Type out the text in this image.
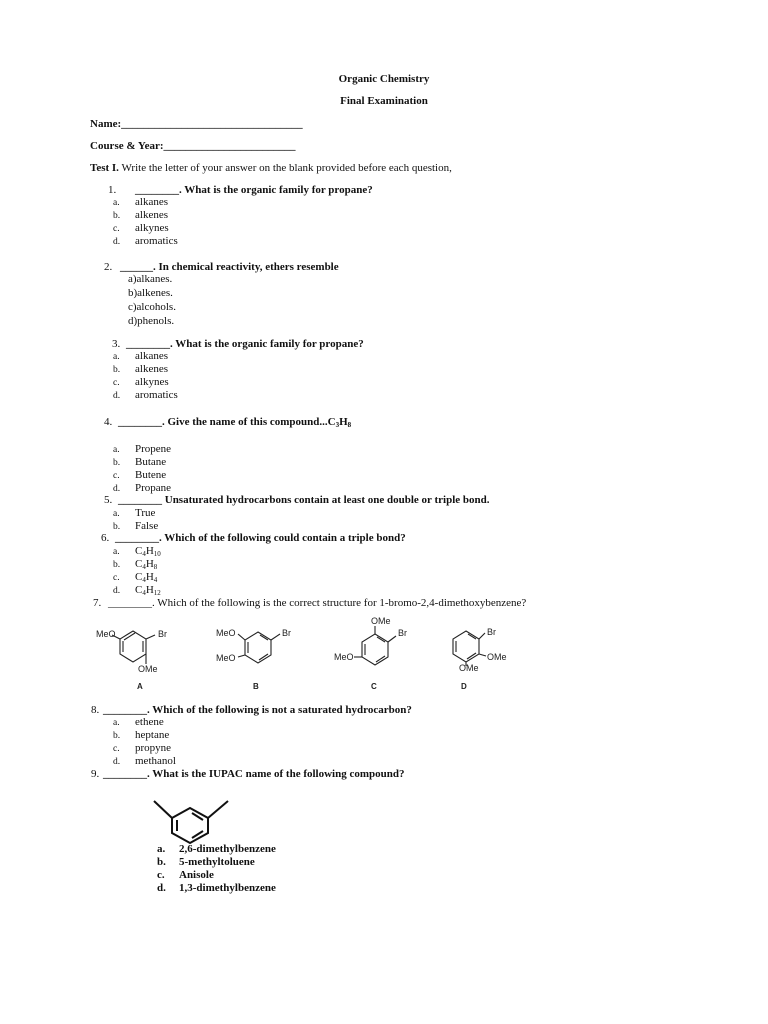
Organic Chemistry
Final Examination
Name:_________________________________
Course & Year:________________________
Test I. Write the letter of your answer on the blank provided before each question,
1. ________. What is the organic family for propane?
a. alkanes
b. alkenes
c. alkynes
d. aromatics
2. ______. In chemical reactivity, ethers resemble
a)alkanes.
b)alkenes.
c)alcohols.
d)phenols.
3. ________. What is the organic family for propane?
a. alkanes
b. alkenes
c. alkynes
d. aromatics
4. ________. Give the name of this $compound...C_3H_8$
a. Propene
b. Butane
c. Butene
d. Propane
5. ________ Unsaturated hydrocarbons contain at least one double or triple bond.
a. True
b. False
6. ________. Which of the following could contain a triple bond?
a. $C_4H_{10}$
b. $C_4H_8$
c. $C_4H_4$
d. $C_4H_{12}$
7. ________. Which of the following is the correct structure for 1-bromo-2,4-dimethoxybenzene?
MeO	Br
OMe
A
MeO	Br
MeO
B
OMe
Br
MeO
C
Br
OMe
OMe
D
8. ________. Which of the following is not a saturated hydrocarbon?
a. ethene
b. heptane
c. propyne
d. methanol
9. ________. What is the IUPAC name of the following compound?
a. 2,6-dimethylbenzene
b. 5-methyltoluene
c. Anisole
d. 1,3-dimethylbenzene
